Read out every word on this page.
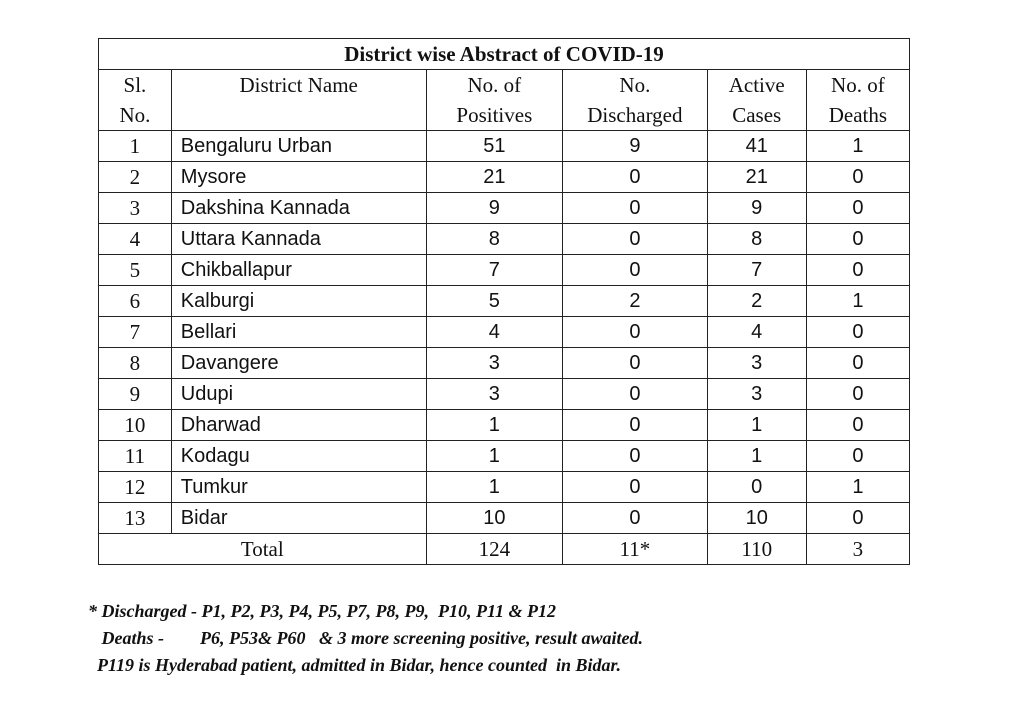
District wise Abstract of COVID-19					
Sl.	District Name	No. of	No.	Active	No. of
No.		Positives	Discharged	Cases	Deaths
1	Bengaluru Urban	51	9	41	1
2	Mysore	21	0	21	0
3	Dakshina Kannada	9	0	9	0
4	Uttara Kannada	8	0	8	0
5	Chikballapur	7	0	7	0
6	Kalburgi	5	2	2	1
7	Bellari	4	0	4	0
8	Davangere	3	0	3	0
9	Udupi	3	0	3	0
10	Dharwad	1	0	1	0
11	Kodagu	1	0	1	0
12	Tumkur	1	0	0	1
13	Bidar	10	0	10	0
Total		124	11*	110	3
* Discharged - P1, P2, P3, P4, P5, P7, P8, P9,  P10, P11 & P12
Deaths -        P6, P53& P60   & 3 more screening positive, result awaited.
P119 is Hyderabad patient, admitted in Bidar, hence counted  in Bidar.
